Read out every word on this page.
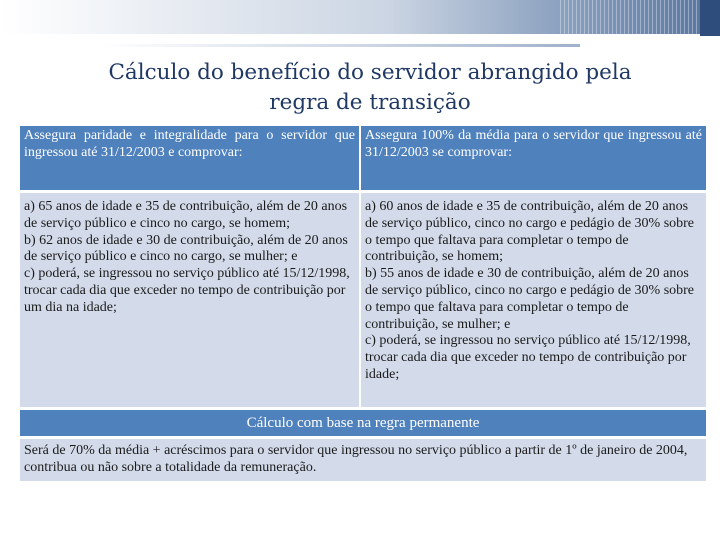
Cálculo do benefício do servidor abrangido pela
regra de transição

Assegura paridade e integralidade para o servidor que ingressou até 31/12/2003 e comprovar:

Assegura 100% da média para o servidor que ingressou até 31/12/2003 se comprovar:

a) 65 anos de idade e 35 de contribuição, além de 20 anos de serviço público e cinco no cargo, se homem;

b) 62 anos de idade e 30 de contribuição, além de 20 anos de serviço público e cinco no cargo, se mulher; e

c) poderá, se ingressou no serviço público até 15/12/1998, trocar cada dia que exceder no tempo de contribuição por um dia na idade;

a) 60 anos de idade e 35 de contribuição, além de 20 anos de serviço público, cinco no cargo e pedágio de 30% sobre o tempo que faltava para completar o tempo de contribuição, se homem;

b) 55 anos de idade e 30 de contribuição, além de 20 anos de serviço público, cinco no cargo e pedágio de 30% sobre o tempo que faltava para completar o tempo de contribuição, se mulher; e

c) poderá, se ingressou no serviço público até 15/12/1998, trocar cada dia que exceder no tempo de contribuição por idade;

Cálculo com base na regra permanente

Será de 70% da média + acréscimos para o servidor que ingressou no serviço público a partir de 1º de janeiro de 2004, contribua ou não sobre a totalidade da remuneração.
